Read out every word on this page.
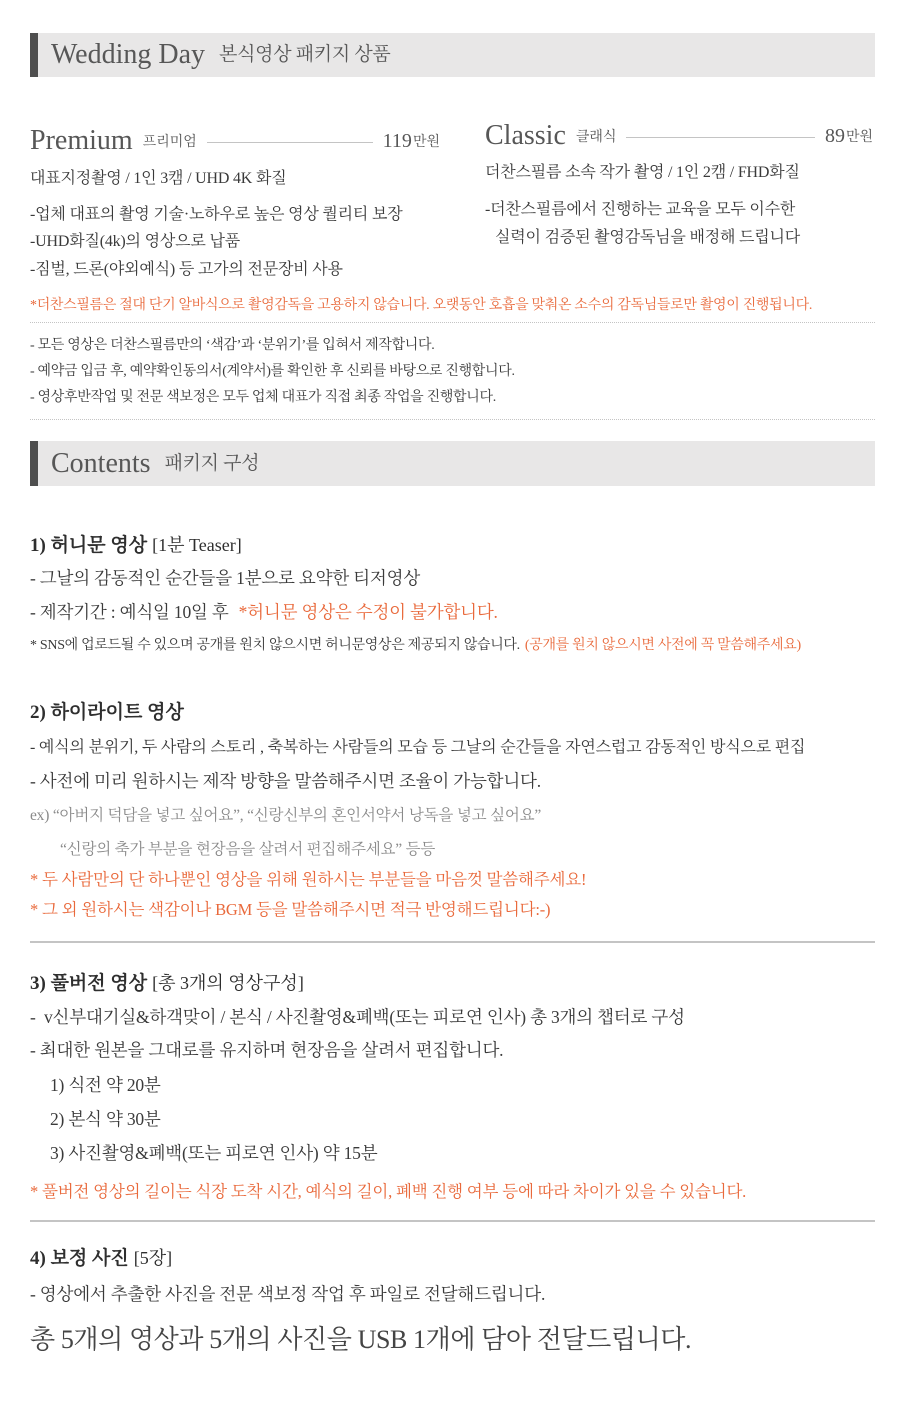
Wedding Day 본식영상 패키지 상품
Premium 프리미엄	119 만원
대표지정촬영 / 1인 3캠 / UHD 4K 화질
-업체 대표의 촬영 기술·노하우로 높은 영상 퀄리티 보장
-UHD화질(4k)의 영상으로 납품
-짐벌, 드론(야외예식) 등 고가의 전문장비 사용
Classic 클래식	89 만원
더찬스필름 소속 작가 촬영 / 1인 2캠 / FHD화질
-더찬스필름에서 진행하는 교육을 모두 이수한
실력이 검증된 촬영감독님을 배정해 드립니다
*더찬스필름은 절대 단기 알바식으로 촬영감독을 고용하지 않습니다. 오랫동안 호흡을 맞춰온 소수의 감독님들로만 촬영이 진행됩니다.
- 모든 영상은 더찬스필름만의 ‘색감’과 ‘분위기’를 입혀서 제작합니다.
- 예약금 입금 후, 예약확인동의서(계약서)를 확인한 후 신뢰를 바탕으로 진행합니다.
- 영상후반작업 및 전문 색보정은 모두 업체 대표가 직접 최종 작업을 진행합니다.
Contents 패키지 구성
1) 허니문 영상 [1분 Teaser]
- 그날의 감동적인 순간들을 1분으로 요약한 티저영상
- 제작기간 : 예식일 10일 후 *허니문 영상은 수정이 불가합니다.
* SNS에 업로드될 수 있으며 공개를 원치 않으시면 허니문영상은 제공되지 않습니다. (공개를 원치 않으시면 사전에 꼭 말씀해주세요)
2) 하이라이트 영상
- 예식의 분위기, 두 사람의 스토리 , 축복하는 사람들의 모습 등 그날의 순간들을 자연스럽고 감동적인 방식으로 편집
- 사전에 미리 원하시는 제작 방향을 말씀해주시면 조율이 가능합니다.
ex) “아버지 덕담을 넣고 싶어요”, “신랑신부의 혼인서약서 낭독을 넣고 싶어요”
“신랑의 축가 부분을 현장음을 살려서 편집해주세요” 등등
* 두 사람만의 단 하나뿐인 영상을 위해 원하시는 부분들을 마음껏 말씀해주세요!
* 그 외 원하시는 색감이나 BGM 등을 말씀해주시면 적극 반영해드립니다:-)
3) 풀버전 영상 [총 3개의 영상구성]
-  v신부대기실&하객맞이 / 본식 / 사진촬영&폐백(또는 피로연 인사) 총 3개의 챕터로 구성
- 최대한 원본을 그대로를 유지하며 현장음을 살려서 편집합니다.
1) 식전 약 20분
2) 본식 약 30분
3) 사진촬영&폐백(또는 피로연 인사) 약 15분
* 풀버전 영상의 길이는 식장 도착 시간, 예식의 길이, 폐백 진행 여부 등에 따라 차이가 있을 수 있습니다.
4) 보정 사진 [5장]
- 영상에서 추출한 사진을 전문 색보정 작업 후 파일로 전달해드립니다.
총 5개의 영상과 5개의 사진을 USB 1개에 담아 전달드립니다.
